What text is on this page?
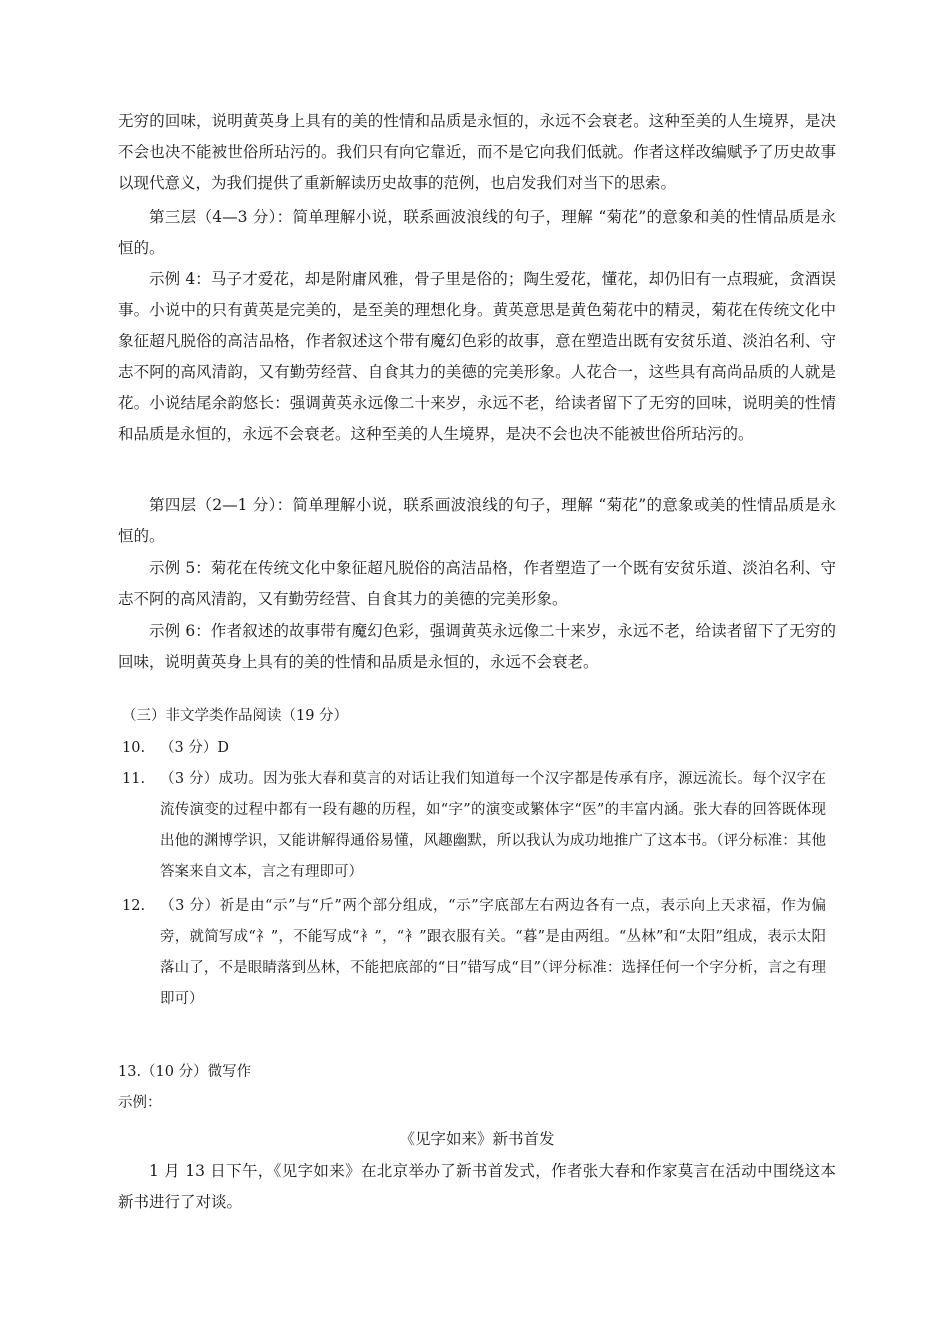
无穷的回味，说明黄英身上具有的美的性情和品质是永恒的，永远不会衰老。这种至美的人生境界，是决不会也决不能被世俗所玷污的。我们只有向它靠近，而不是它向我们低就。作者这样改编赋予了历史故事以现代意义，为我们提供了重新解读历史故事的范例，也启发我们对当下的思索。
第三层（4—3 分）：简单理解小说，联系画波浪线的句子，理解 “菊花”的意象和美的性情品质是永恒的。
示例 4：马子才爱花，却是附庸风雅，骨子里是俗的；陶生爱花，懂花，却仍旧有一点瑕疵，贪酒误事。小说中的只有黄英是完美的，是至美的理想化身。黄英意思是黄色菊花中的精灵，菊花在传统文化中象征超凡脱俗的高洁品格，作者叙述这个带有魔幻色彩的故事，意在塑造出既有安贫乐道、淡泊名利、守志不阿的高风清韵，又有勤劳经营、自食其力的美德的完美形象。人花合一，这些具有高尚品质的人就是花。小说结尾余韵悠长：强调黄英永远像二十来岁，永远不老，给读者留下了无穷的回味，说明美的性情和品质是永恒的，永远不会衰老。这种至美的人生境界，是决不会也决不能被世俗所玷污的。
第四层（2—1 分）：简单理解小说，联系画波浪线的句子，理解 “菊花”的意象或美的性情品质是永恒的。
示例 5：菊花在传统文化中象征超凡脱俗的高洁品格，作者塑造了一个既有安贫乐道、淡泊名利、守志不阿的高风清韵，又有勤劳经营、自食其力的美德的完美形象。
示例 6：作者叙述的故事带有魔幻色彩，强调黄英永远像二十来岁，永远不老，给读者留下了无穷的回味，说明黄英身上具有的美的性情和品质是永恒的，永远不会衰老。
（三）非文学类作品阅读（19 分）
10.	（3 分）D
11.	（3 分）成功。因为张大春和莫言的对话让我们知道每一个汉字都是传承有序，源远流长。每个汉字在流传演变的过程中都有一段有趣的历程，如“字”的演变或繁体字“医”的丰富内涵。张大春的回答既体现出他的渊博学识，又能讲解得通俗易懂，风趣幽默，所以我认为成功地推广了这本书。（评分标准：其他答案来自文本，言之有理即可）
12.	（3 分）祈是由“示”与“斤”两个部分组成，“示”字底部左右两边各有一点，表示向上天求福，作为偏旁，就简写成“礻”，不能写成“衤”，“衤”跟衣服有关。“暮”是由两组。“丛林”和“太阳”组成，表示太阳落山了，不是眼睛落到丛林，不能把底部的“日”错写成“目”（评分标准：选择任何一个字分析，言之有理即可）
13.（10 分）微写作
示例：
《见字如来》新书首发
1 月 13 日下午，《见字如来》在北京举办了新书首发式，作者张大春和作家莫言在活动中围绕这本新书进行了对谈。
